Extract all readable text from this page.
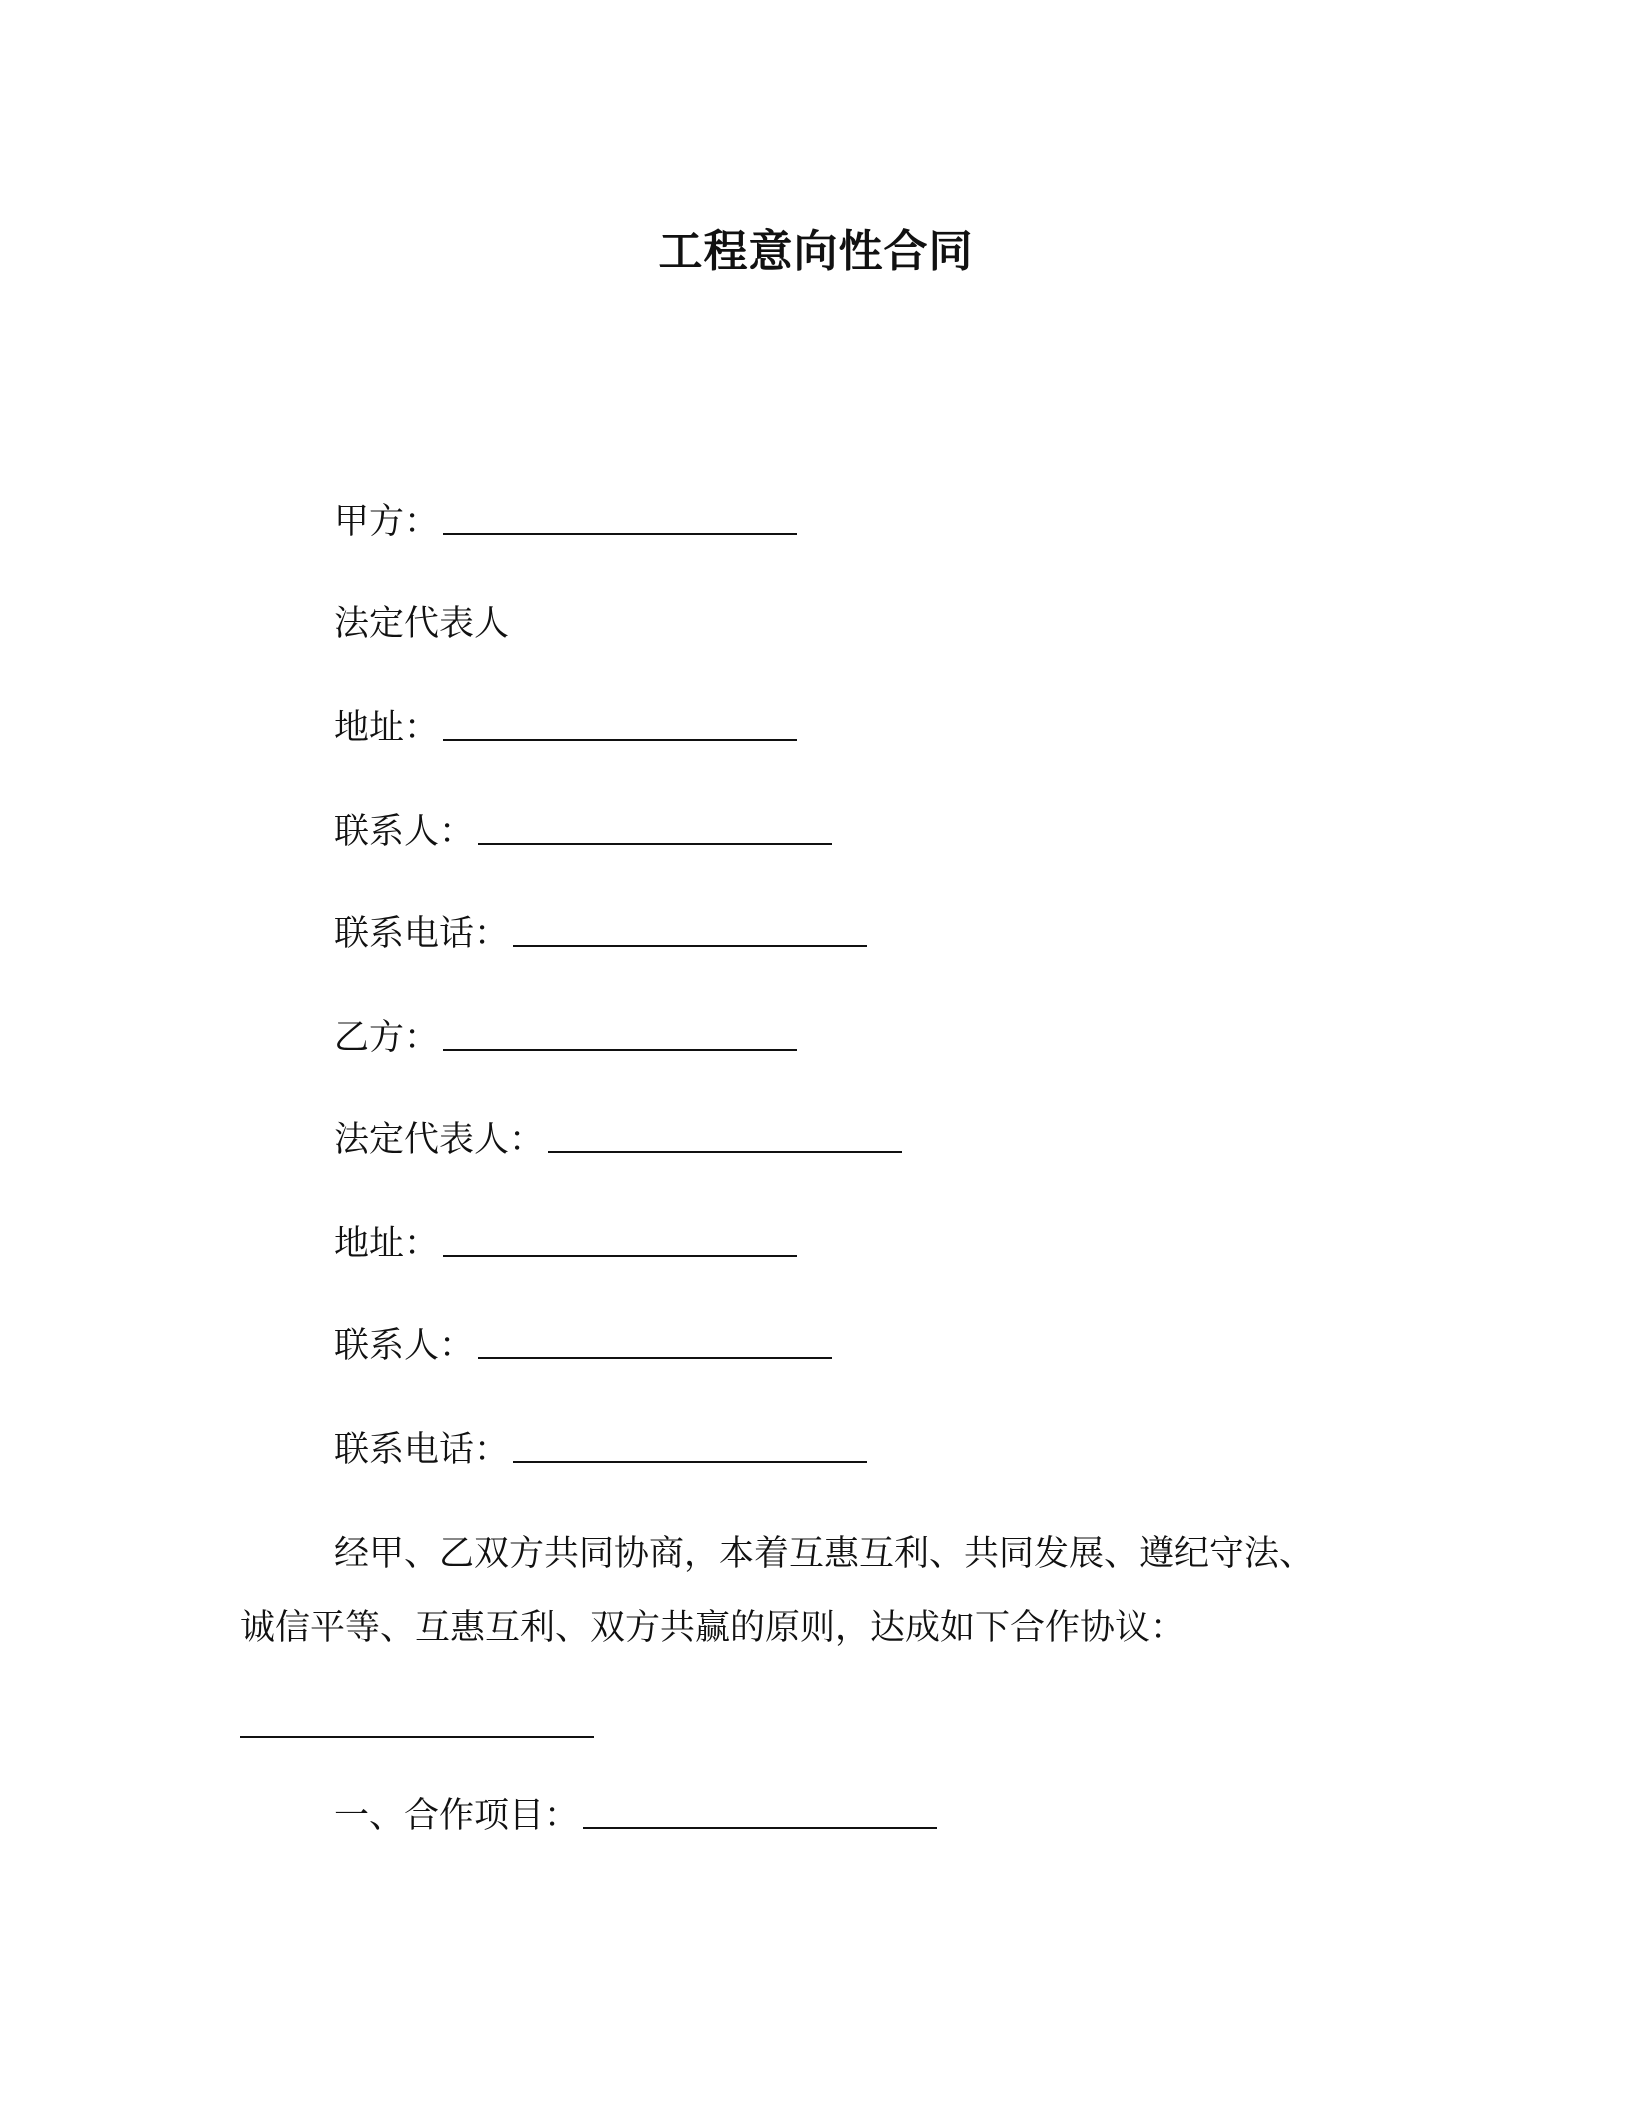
工程意向性合同
甲方：
法定代表人
地址：
联系人：
联系电话：
乙方：
法定代表人：
地址：
联系人：
联系电话：
经甲、乙双方共同协商，本着互惠互利、共同发展、遵纪守法、
诚信平等、互惠互利、双方共赢的原则，达成如下合作协议：
一、合作项目：
